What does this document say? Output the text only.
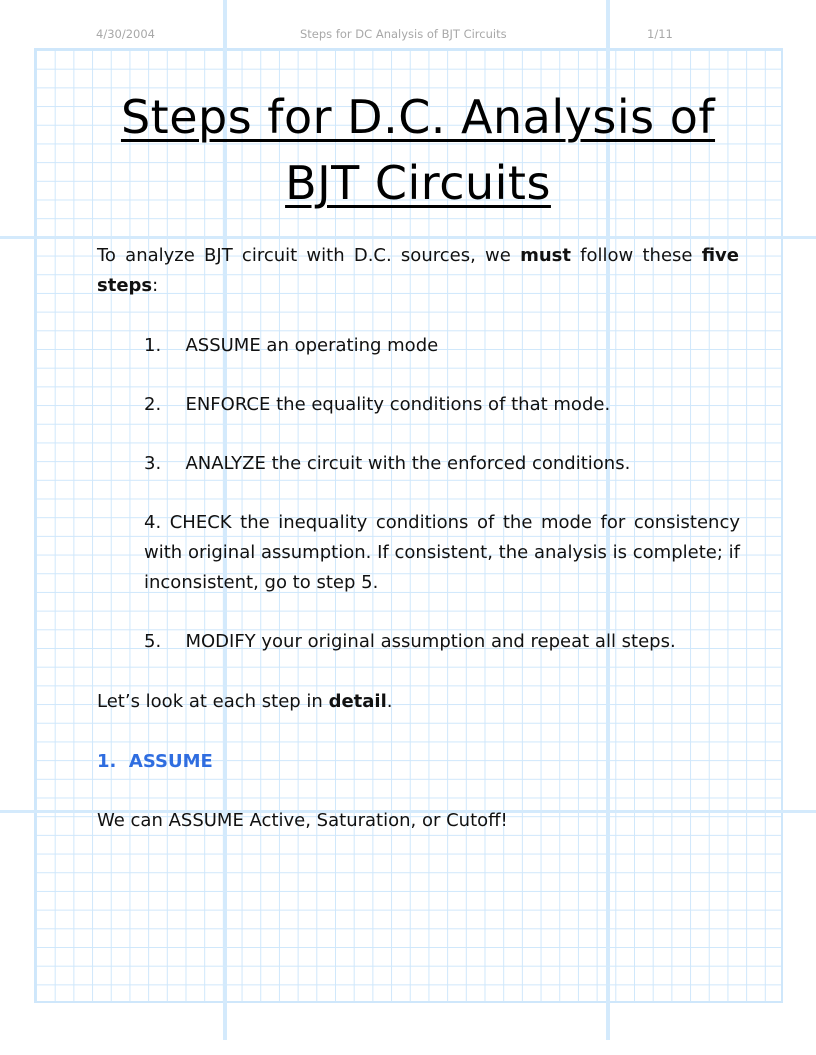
4/30/2004	Steps for DC Analysis of BJT Circuits	1/11
Steps for D.C. Analysis of
BJT Circuits
To analyze BJT circuit with D.C. sources, we must follow these five steps:
1. ASSUME an operating mode
2. ENFORCE the equality conditions of that mode.
3. ANALYZE the circuit with the enforced conditions.
4. CHECK the inequality conditions of the mode for consistency with original assumption. If consistent, the analysis is complete; if inconsistent, go to step 5.
5. MODIFY your original assumption and repeat all steps.
Let’s look at each step in detail.
1. ASSUME
We can ASSUME Active, Saturation, or Cutoff!
